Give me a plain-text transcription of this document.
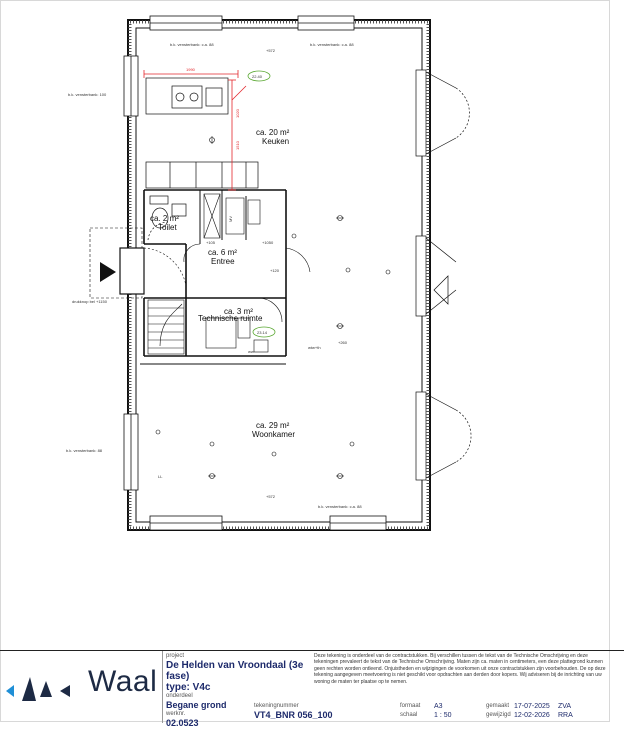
1990
1020
1510
22.40
23.14
ca. 20 m²
Keuken
ca. 2 m²
Toilet
ca. 6 m²
Entree
ca. 3 m²
Technische ruimte
ca. 29 m²
Woonkamer
b.k. vensterbank: 100
b.k. vensterbank: c.a. 88	b.k. vensterbank: c.a. 88
b.k. vensterbank: 88
b.k. vensterbank: c.a. 88
drukknop bel +1150
LL
wtw+th
+572
+572
+260
+1050
+120
+105
ww
MV
Waal
project
De Helden van Vroondaal (3e fase)
type: V4c
onderdeel
Begane grond
werknr.
02.0523
tekeningnummer
VT4_BNR 056_100
Deze tekening is onderdeel van de contractstukken. Bij verschillen tussen de tekst van de Technische Omschrijving en deze tekeningen prevaleert de tekst van de Technische Omschrijving. Maten zijn ca. maten in centimeters, een deze plattegrond kunnen geen rechten worden ontleend. Onjuistheden en wijzigingen de voorkomen uit onze contractstukken zijn voorbehouden. De op deze tekening aangegeven meetvoering is niet geschikt voor opdrachten aan derden door kopers. Wij adviseren bij de inrichting van uw woning de maten ter plaatse op te nemen.
formaat A3
schaal 1 : 50
gemaakt 17-07-2025 ZVA
gewijzigd 12-02-2026 RRA
